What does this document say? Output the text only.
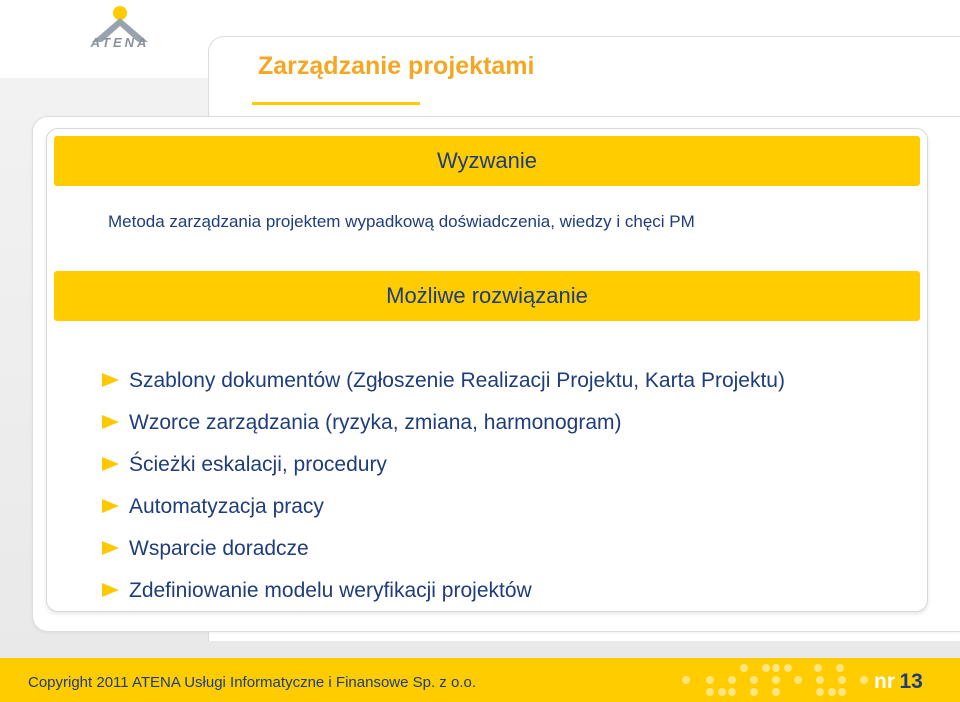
ATENA
Zarządzanie projektami
Wyzwanie

Metoda zarządzania projektem wypadkową doświadczenia, wiedzy i chęci PM

Możliwe rozwiązanie
Szablony dokumentów (Zgłoszenie Realizacji Projektu, Karta Projektu)
Wzorce zarządzania (ryzyka, zmiana, harmonogram)
Ścieżki eskalacji, procedury
Automatyzacja pracy
Wsparcie doradcze
Zdefiniowanie modelu weryfikacji projektów

Copyright 2011 ATENA Usługi Informatyczne i Finansowe Sp. z o.o.	nr 13
